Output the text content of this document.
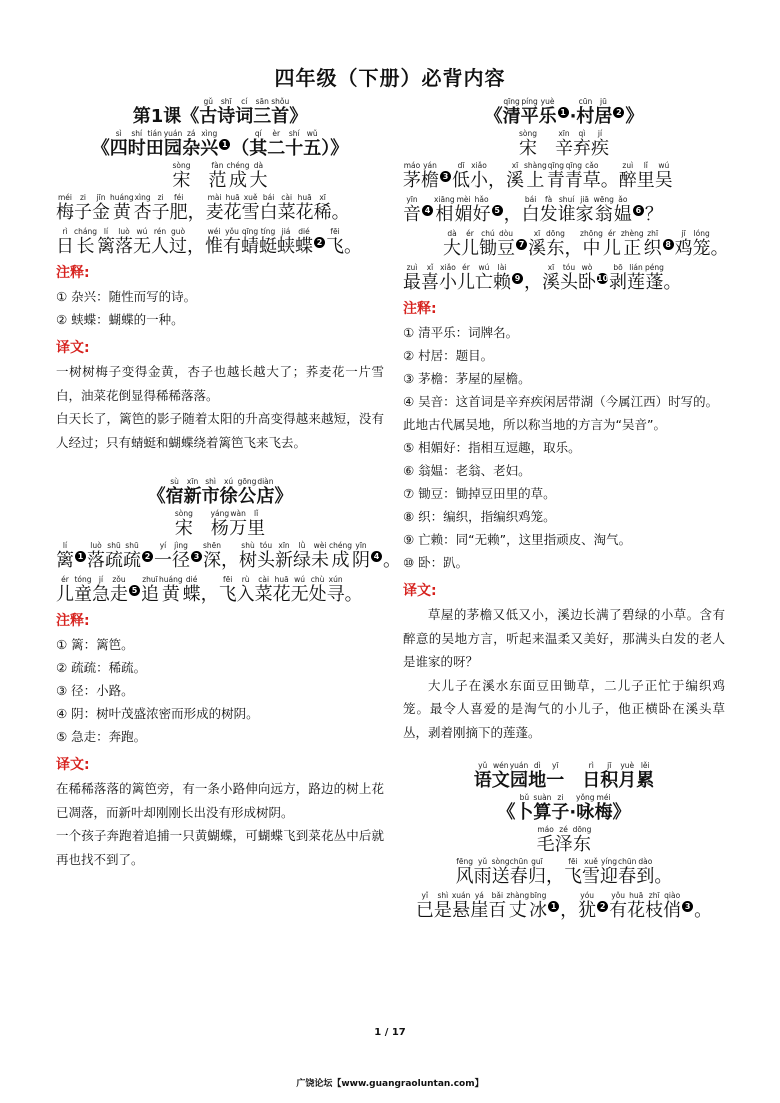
四年级（下册）必背内容
第1课《古gǔ诗shī词cí三sān首shǒu》
《四sì时shí田tián园yuán杂zá兴xìng1 （其qí二èr十shí五wǔ）》
宋sòng 范fàn成chéng大dà
梅méi子zi金jīn黄huáng杏xìng子zi肥féi，麦mài花huā雪xuě白bái菜cài花huā稀xī。
日rì长cháng篱lí落luò无wú人rén过guò，惟wéi有yǒu蜻qīng蜓tíng蛱jiá蝶dié2 飞fēi。
注释:
① 杂兴：随性而写的诗。
② 蛱蝶：蝴蝶的一种。
译文:
一树树梅子变得金黄，杏子也越长越大了；荞麦花一片雪白，油菜花倒显得稀稀落落。
白天长了，篱笆的影子随着太阳的升高变得越来越短，没有人经过；只有蜻蜓和蝴蝶绕着篱笆飞来飞去。
《宿sù新xīn市shì徐xú公gōng店diàn》
宋sòng 杨yáng万wàn里lǐ
篱lí1 落luò疏shū疏shū2 一yí径jìng3 深shēn，树shù头tóu新xīn绿lǜ未wèi成chéng阴yīn4 。
儿ér童tóng急jí走zǒu5 追zhuī黄huáng蝶dié，飞fēi入rù菜cài花huā无wú处chù寻xún。
注释:
① 篱：篱笆。
② 疏疏：稀疏。
③ 径：小路。
④ 阴：树叶茂盛浓密而形成的树阴。
⑤ 急走：奔跑。
译文:
在稀稀落落的篱笆旁，有一条小路伸向远方，路边的树上花已凋落，而新叶却刚刚长出没有形成树阴。
一个孩子奔跑着追捕一只黄蝴蝶，可蝴蝶飞到菜花丛中后就再也找不到了。
《清qīng平píng乐yuè1 ·村cūn居jū2 》
宋sòng 辛xīn弃qì疾jí
茅máo檐yán3 低dī小xiǎo，溪xī上shàng青qīng青qīng草cǎo。醉zuì里lǐ吴wú
音yīn4 相xiāng媚mèi好hǎo5 ，白bái发fà谁shuí家jiā翁wēng媪ǎo6 ？
大dà儿ér锄chú豆dòu7 溪xī东dōng，中zhōng儿ér正zhèng织zhī8 鸡jī笼lóng。
最zuì喜xǐ小xiǎo儿ér亡wú赖lài9 ，溪xī头tóu卧wò10剥bō莲lián蓬péng。
注释:
① 清平乐：词牌名。
② 村居：题目。
③ 茅檐：茅屋的屋檐。
④ 吴音：这首词是辛弃疾闲居带湖（今属江西）时写的。此地古代属吴地，所以称当地的方言为“吴音”。
⑤ 相媚好：指相互逗趣，取乐。
⑥ 翁媪：老翁、老妇。
⑦ 锄豆：锄掉豆田里的草。
⑧ 织：编织，指编织鸡笼。
⑨ 亡赖：同“无赖”，这里指顽皮、淘气。
⑩ 卧：趴。
译文:
草屋的茅檐又低又小，溪边长满了碧绿的小草。含有醉意的吴地方言，听起来温柔又美好，那满头白发的老人是谁家的呀？
大儿子在溪水东面豆田锄草，二儿子正忙于编织鸡笼。最令人喜爱的是淘气的小儿子，他正横卧在溪头草丛，剥着刚摘下的莲蓬。
语yǔ文wén园yuán地dì一yī 日rì积jī月yuè累lěi
《卜bǔ算suàn子zi·咏yǒng梅méi》
毛máo泽zé东dōng
风fēng雨yǔ送sòng春chūn归guī，飞fēi雪xuě迎yíng春chūn到dào。
已yǐ是shì悬xuán崖yá百bǎi丈zhàng冰bīng1 ，犹yóu2 有yǒu花huā枝zhī俏qiào3 。
1 / 17
广饶论坛【www.guangraoluntan.com】
